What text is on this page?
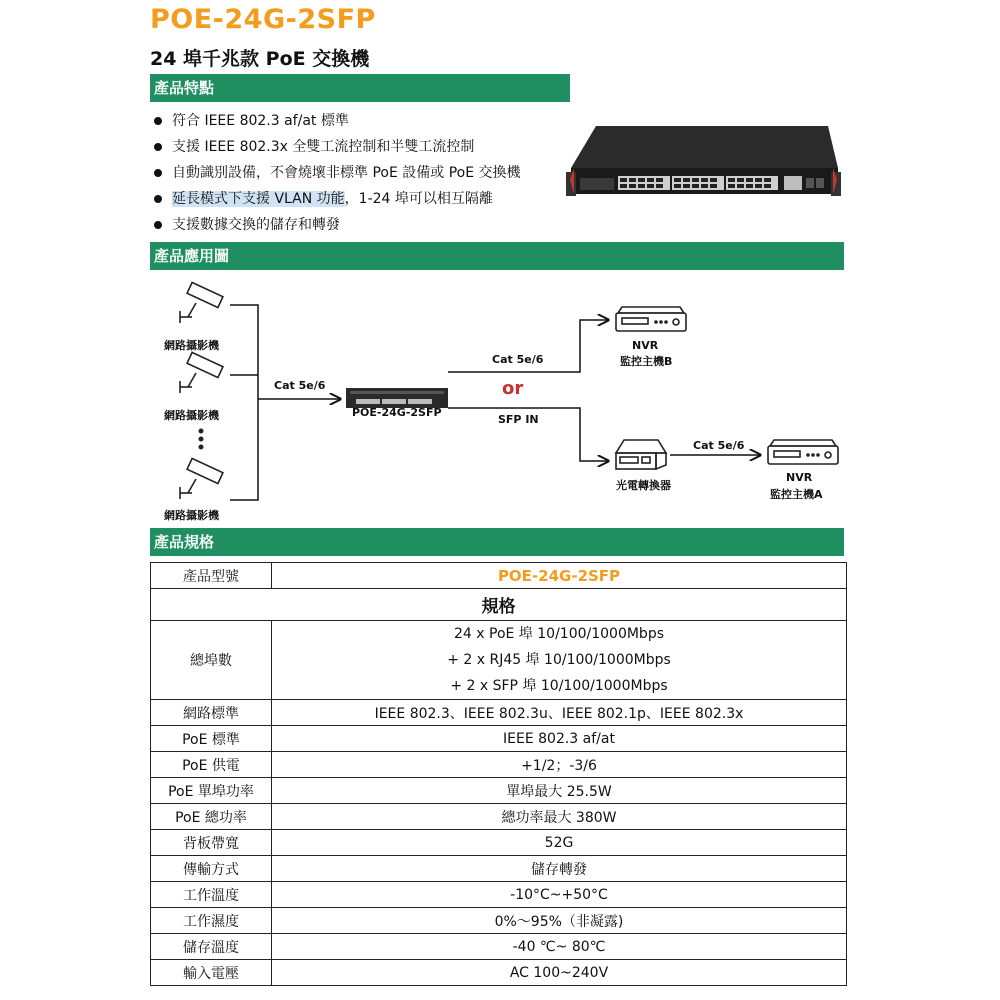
POE-24G-2SFP
24 埠千兆款 PoE 交換機
產品特點
符合 IEEE 802.3 af/at 標準
支援 IEEE 802.3x 全雙工流控制和半雙工流控制
自動識別設備，不會燒壞非標準 PoE 設備或 PoE 交換機
延長模式下支援 VLAN 功能，1-24 埠可以相互隔離
支援數據交換的儲存和轉發
產品應用圖
網路攝影機
網路攝影機
網路攝影機
Cat 5e/6
POE-24G-2SFP
Cat 5e/6
or
SFP IN
NVR
監控主機B
光電轉換器
Cat 5e/6
NVR
監控主機A
產品規格
產品型號	POE-24G-2SFP
規格	
總埠數	24 x PoE 埠 10/100/1000Mbps
+ 2 x RJ45 埠 10/100/1000Mbps
+ 2 x SFP 埠 10/100/1000Mbps

網路標準	IEEE 802.3、IEEE 802.3u、IEEE 802.1p、IEEE 802.3x
PoE 標準	IEEE 802.3 af/at
PoE 供電	+1/2；-3/6
PoE 單埠功率	單埠最大 25.5W
PoE 總功率	總功率最大 380W
背板帶寬	52G
傳輸方式	儲存轉發
工作溫度	-10°C~+50°C
工作濕度	0%～95%（非凝露)
儲存溫度	-40 ℃~ 80℃
輸入電壓	AC 100~240V
